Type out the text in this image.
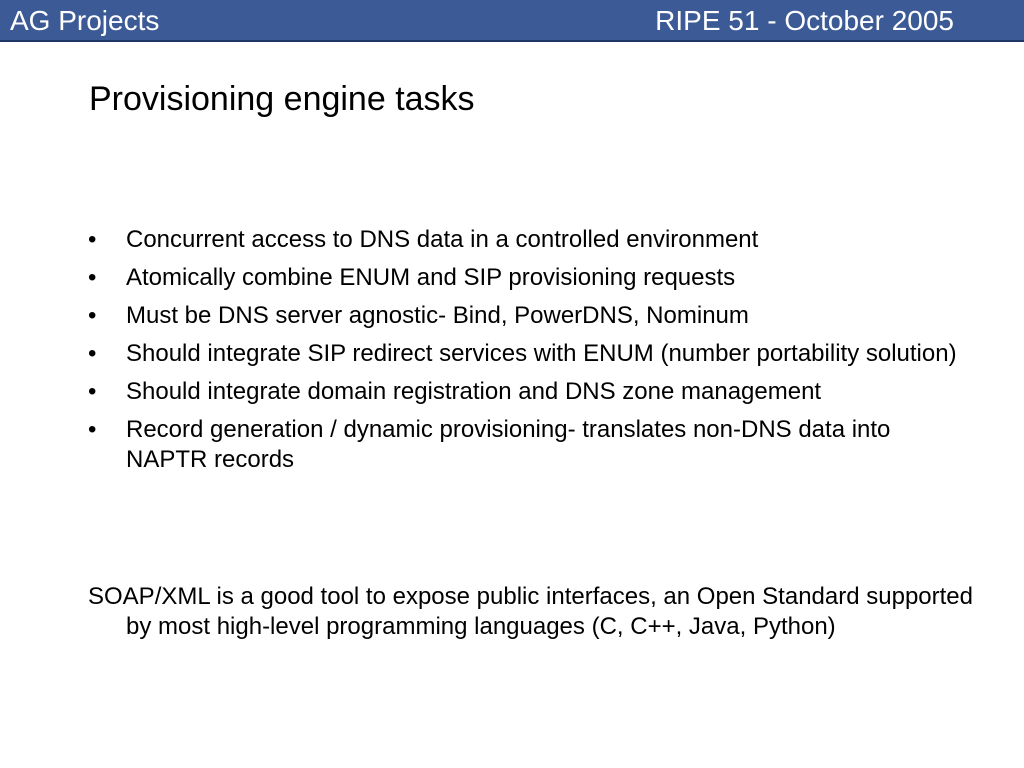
AG Projects	RIPE 51 - October 2005
Provisioning engine tasks
•	Concurrent access to DNS data in a controlled environment
•	Atomically combine ENUM and SIP provisioning requests
•	Must be DNS server agnostic- Bind, PowerDNS, Nominum
•	Should integrate SIP redirect services with ENUM (number portability solution)
•	Should integrate domain registration and DNS zone management
•	Record generation / dynamic provisioning- translates non-DNS data into NAPTR records

SOAP/XML is a good tool to expose public interfaces, an Open Standard supported by most high-level programming languages (C, C++, Java, Python)
